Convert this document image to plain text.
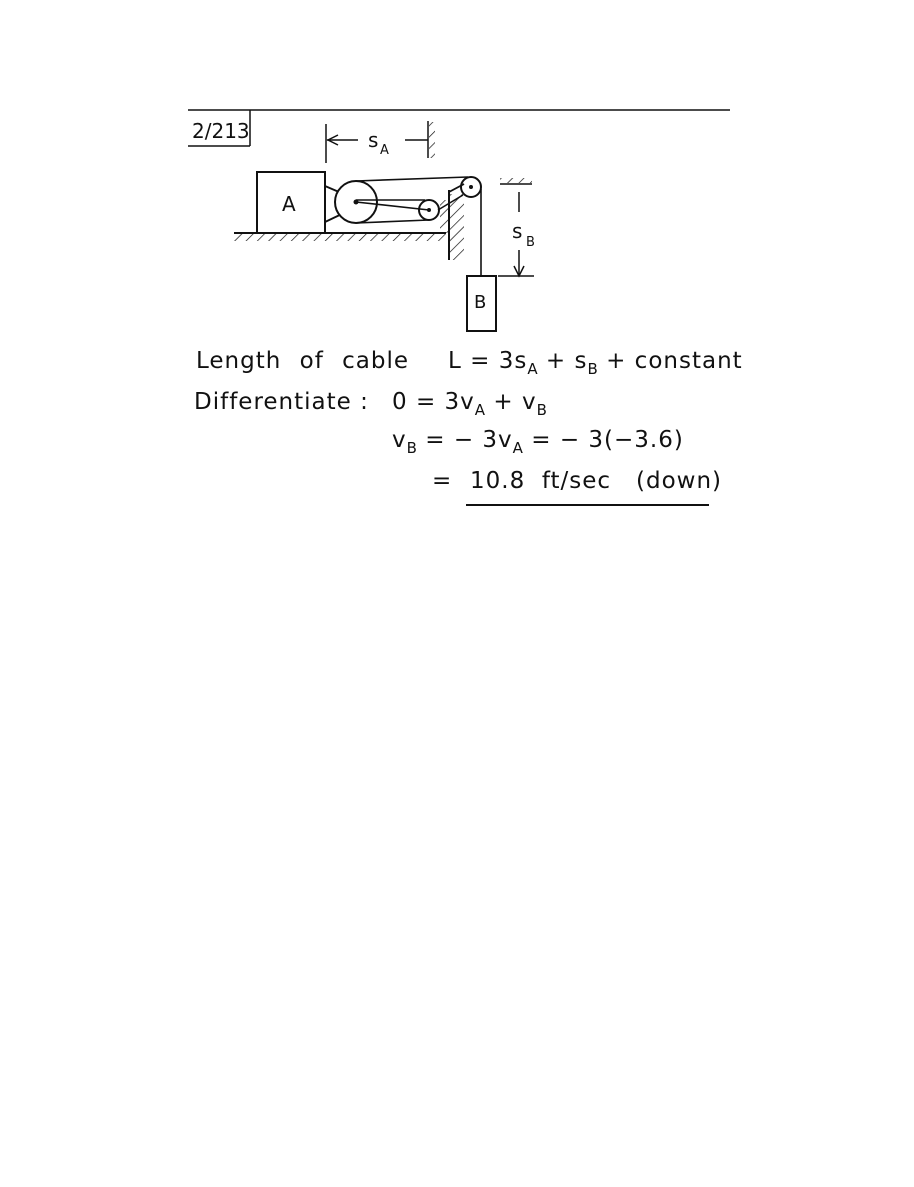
2/213
A
B
s A
s B
Length of cable $L = 3s_A + s_B$ + constant
Differentiate : $0 = 3v_A + v_B$
$v_B$ = − $3v_A$ = − 3(−3.6)
= 10.8  ft/sec   (down)
